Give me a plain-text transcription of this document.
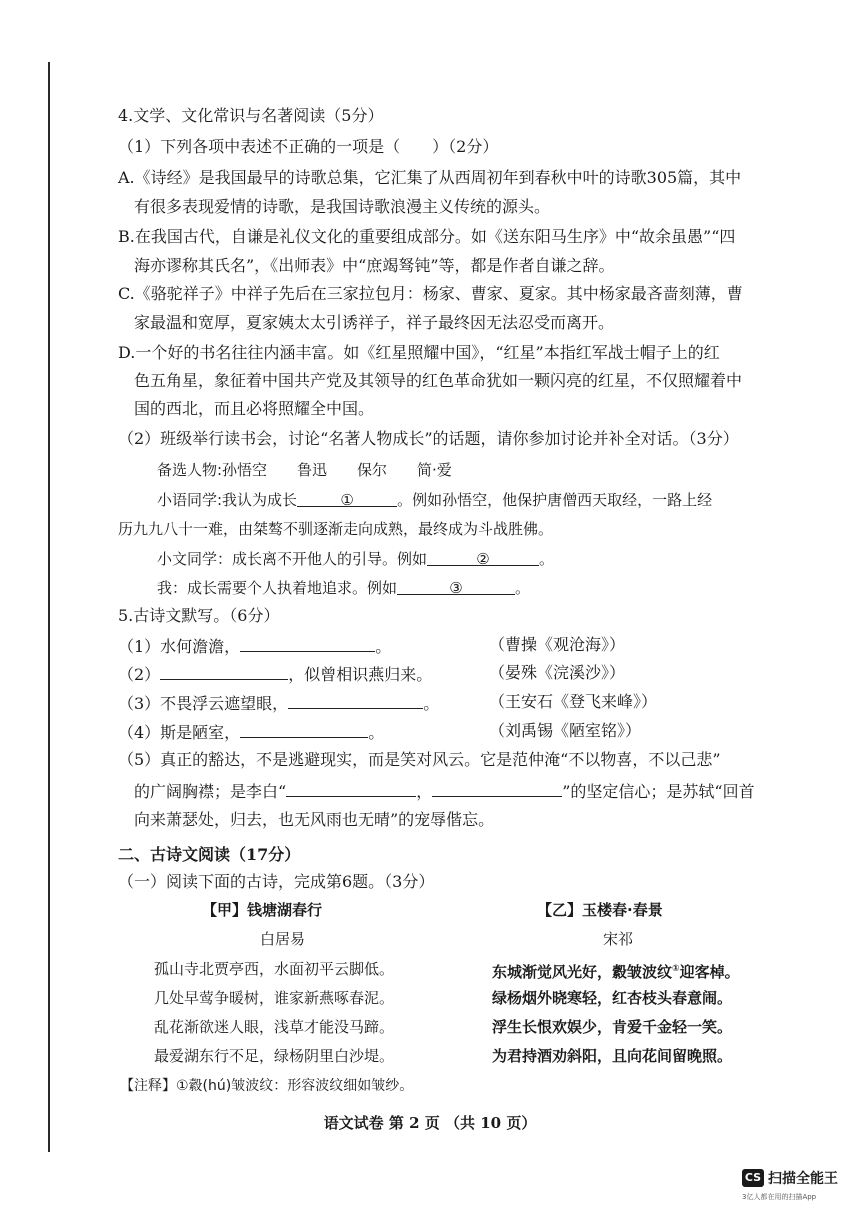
4.文学、文化常识与名著阅读（5分）
（1）下列各项中表述不正确的一项是（　　）（2分）
A.《诗经》是我国最早的诗歌总集，它汇集了从西周初年到春秋中叶的诗歌305篇，其中
有很多表现爱情的诗歌，是我国诗歌浪漫主义传统的源头。
B.在我国古代，自谦是礼仪文化的重要组成部分。如《送东阳马生序》中“故余虽愚”“四
海亦谬称其氏名”，《出师表》中“庶竭驽钝”等，都是作者自谦之辞。
C.《骆驼祥子》中祥子先后在三家拉包月：杨家、曹家、夏家。其中杨家最吝啬刻薄，曹
家最温和宽厚，夏家姨太太引诱祥子，祥子最终因无法忍受而离开。
D.一个好的书名往往内涵丰富。如《红星照耀中国》，“红星”本指红军战士帽子上的红
色五角星，象征着中国共产党及其领导的红色革命犹如一颗闪亮的红星，不仅照耀着中
国的西北，而且必将照耀全中国。
（2）班级举行读书会，讨论“名著人物成长”的话题，请你参加讨论并补全对话。（3分）
备选人物:孙悟空　　鲁迅　　保尔　　简·爱
小语同学:我认为成长	①	。例如孙悟空，他保护唐僧西天取经，一路上经
历九九八十一难，由桀骜不驯逐渐走向成熟，最终成为斗战胜佛。
小文同学：成长离不开他人的引导。例如	②	。
我：成长需要个人执着地追求。例如	③	。
5.古诗文默写。（6分）
（1）水何澹澹，	。	（曹操《观沧海》）
（2）	，似曾相识燕归来。	（晏殊《浣溪沙》）
（3）不畏浮云遮望眼，	。	（王安石《登飞来峰》）
（4）斯是陋室，	。	（刘禹锡《陋室铭》）
（5）真正的豁达，不是逃避现实，而是笑对风云。它是范仲淹“不以物喜，不以己悲”
的广阔胸襟；是李白“	，	”的坚定信心；是苏轼“回首
向来萧瑟处，归去，也无风雨也无晴”的宠辱偕忘。
二、古诗文阅读（17分）
（一）阅读下面的古诗，完成第6题。（3分）
【甲】钱塘湖春行
白居易
孤山寺北贾亭西，水面初平云脚低。
几处早莺争暖树，谁家新燕啄春泥。
乱花渐欲迷人眼，浅草才能没马蹄。
最爱湖东行不足，绿杨阴里白沙堤。
【乙】玉楼春·春景
宋祁
东城渐觉风光好，縠皱波纹①迎客棹。
绿杨烟外晓寒轻，红杏枝头春意闹。
浮生长恨欢娱少，肯爱千金轻一笑。
为君持酒劝斜阳，且向花间留晚照。
【注释】①縠(hú)皱波纹：形容波纹细如皱纱。
语文试卷 第 2 页 （共 10 页）
CS 扫描全能王
3亿人都在用的扫描App
